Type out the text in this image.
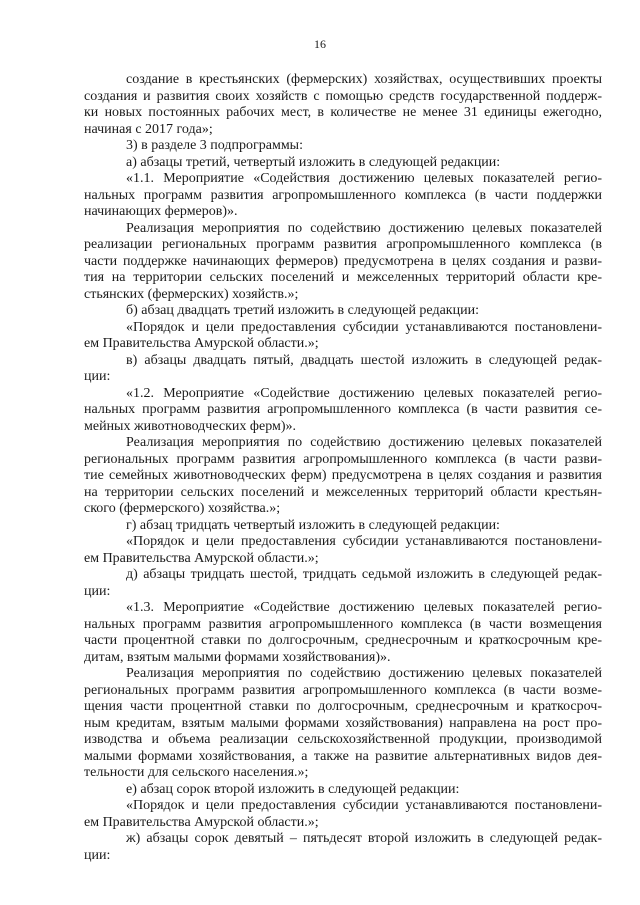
16

создание в крестьянских (фермерских) хозяйствах, осуществивших проекты
создания и развития своих хозяйств с помощью средств государственной поддерж-
ки новых постоянных рабочих мест, в количестве не менее 31 единицы ежегодно,
начиная с 2017 года»;
3) в разделе 3 подпрограммы:
а) абзацы третий, четвертый изложить в следующей редакции:
«1.1. Мероприятие «Содействия достижению целевых показателей регио-
нальных программ развития агропромышленного комплекса (в части поддержки
начинающих фермеров)».
Реализация мероприятия по содействию достижению целевых показателей
реализации региональных программ развития агропромышленного комплекса (в
части поддержке начинающих фермеров) предусмотрена в целях создания и разви-
тия на территории сельских поселений и межселенных территорий области кре-
стьянских (фермерских) хозяйств.»;
б) абзац двадцать третий изложить в следующей редакции:
«Порядок и цели предоставления субсидии устанавливаются постановлени-
ем Правительства Амурской области.»;
в) абзацы двадцать пятый, двадцать шестой изложить в следующей редак-
ции:
«1.2. Мероприятие «Содействие достижению целевых показателей регио-
нальных программ развития агропромышленного комплекса (в части развития се-
мейных животноводческих ферм)».
Реализация мероприятия по содействию достижению целевых показателей
региональных программ развития агропромышленного комплекса (в части разви-
тие семейных животноводческих ферм) предусмотрена в целях создания и развития
на территории сельских поселений и межселенных территорий области крестьян-
ского (фермерского) хозяйства.»;
г) абзац тридцать четвертый изложить в следующей редакции:
«Порядок и цели предоставления субсидии устанавливаются постановлени-
ем Правительства Амурской области.»;
д) абзацы тридцать шестой, тридцать седьмой изложить в следующей редак-
ции:
«1.3. Мероприятие «Содействие достижению целевых показателей регио-
нальных программ развития агропромышленного комплекса (в части возмещения
части процентной ставки по долгосрочным, среднесрочным и краткосрочным кре-
дитам, взятым малыми формами хозяйствования)».
Реализация мероприятия по содействию достижению целевых показателей
региональных программ развития агропромышленного комплекса (в части возме-
щения части процентной ставки по долгосрочным, среднесрочным и краткосроч-
ным кредитам, взятым малыми формами хозяйствования) направлена на рост про-
изводства и объема реализации сельскохозяйственной продукции, производимой
малыми формами хозяйствования, а также на развитие альтернативных видов дея-
тельности для сельского населения.»;
е) абзац сорок второй изложить в следующей редакции:
«Порядок и цели предоставления субсидии устанавливаются постановлени-
ем Правительства Амурской области.»;
ж) абзацы сорок девятый – пятьдесят второй изложить в следующей редак-
ции:
